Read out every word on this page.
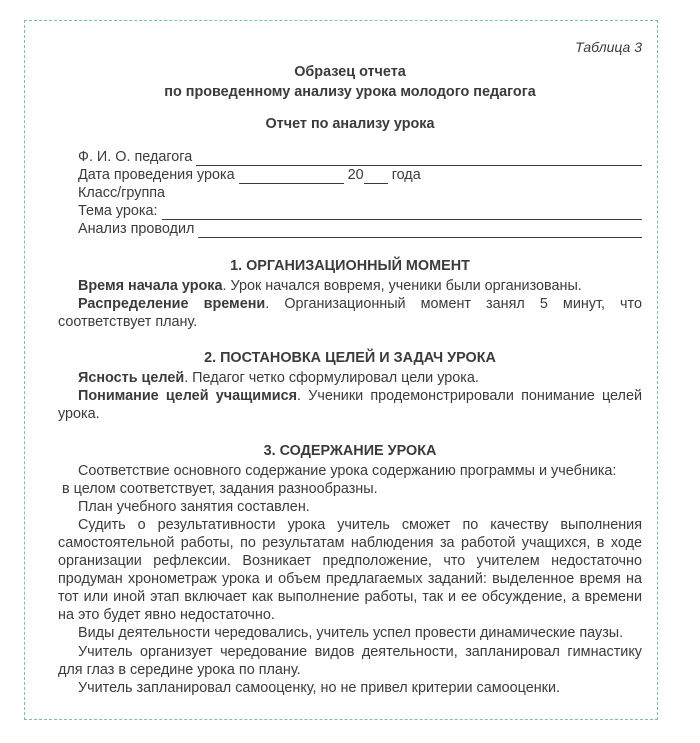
Таблица 3
Образец отчета
по проведенному анализу урока молодого педагога
Отчет по анализу урока
Ф. И. О. педагога
Дата проведения урока	20 года
Класс/группа
Тема урока:
Анализ проводил
1. ОРГАНИЗАЦИОННЫЙ МОМЕНТ

Время начала урока. Урок начался вовремя, ученики были организованы.

Распределение времени. Организационный момент занял 5 минут, что соответствует плану.

2. ПОСТАНОВКА ЦЕЛЕЙ И ЗАДАЧ УРОКА

Ясность целей. Педагог четко сформулировал цели урока.

Понимание целей учащимися. Ученики продемонстрировали понимание целей урока.

3. СОДЕРЖАНИЕ УРОКА

Соответствие основного содержание урока содержанию программы и учебника:

в целом соответствует, задания разнообразны.

План учебного занятия составлен.

Судить о результативности урока учитель сможет по качеству выполнения самостоятельной работы, по результатам наблюдения за работой учащихся, в ходе организации рефлексии. Возникает предположение, что учителем недостаточно продуман хронометраж урока и объем предлагаемых заданий: выделенное время на тот или иной этап включает как выполнение работы, так и ее обсуждение, а времени на это будет явно недостаточно.

Виды деятельности чередовались, учитель успел провести динамические паузы.

Учитель организует чередование видов деятельности, запланировал гимнастику для глаз в середине урока по плану.

Учитель запланировал самооценку, но не привел критерии самооценки.
